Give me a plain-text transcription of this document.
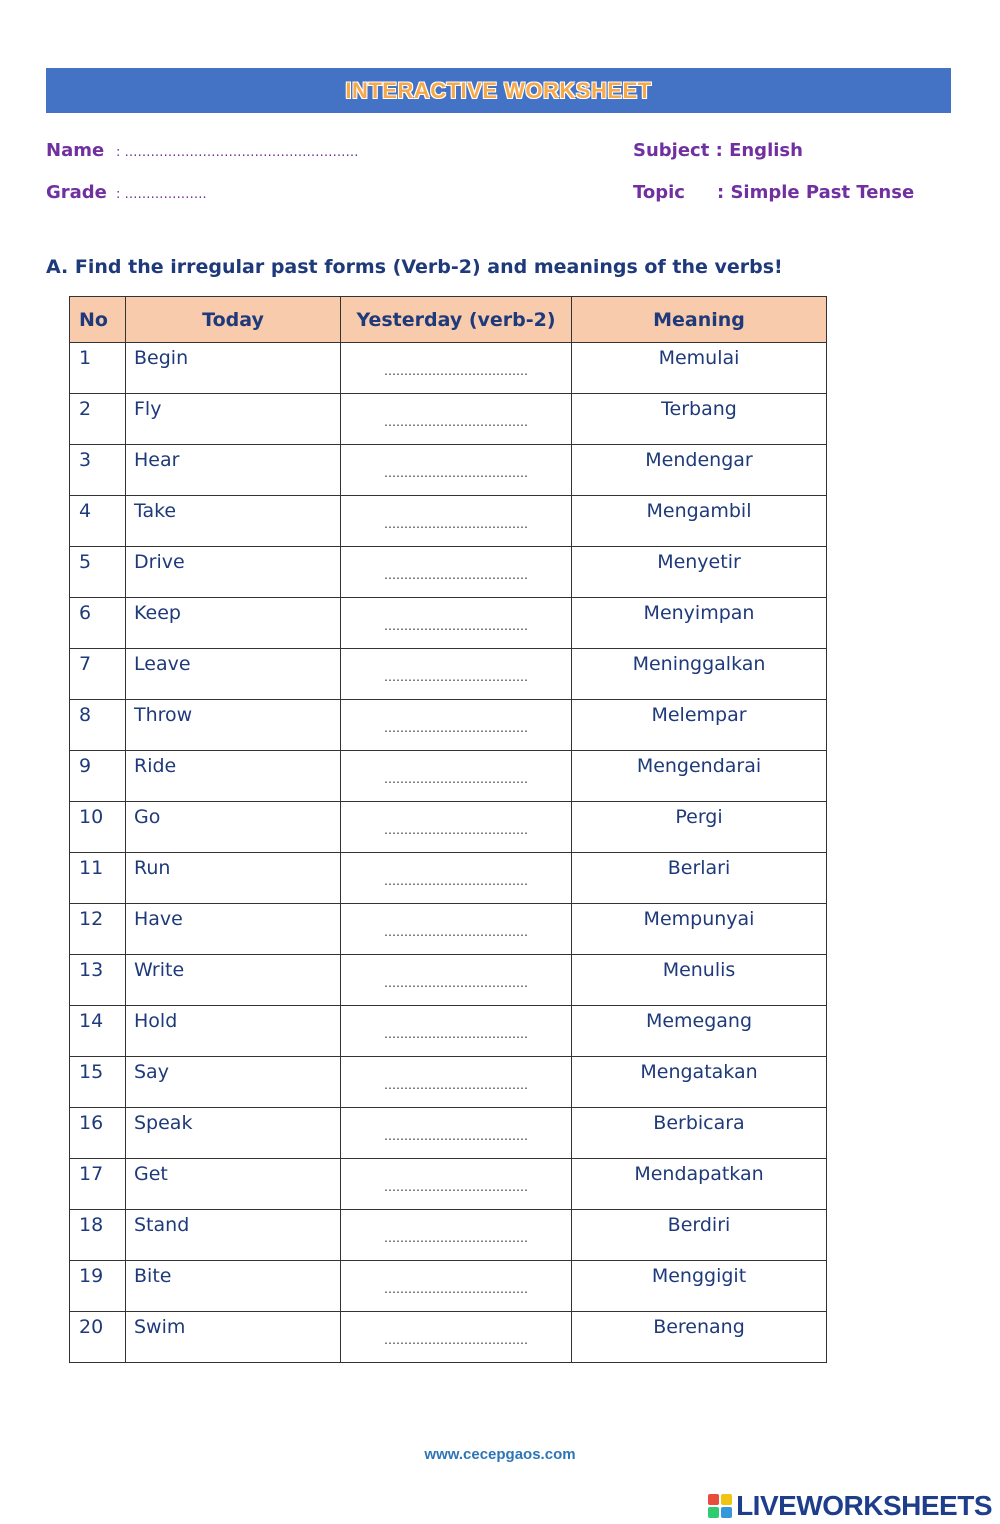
INTERACTIVE WORKSHEET
Name : ………………………………………………
Grade : ……………….
Subject : English
Topic : Simple Past Tense
A. Find the irregular past forms (Verb-2) and meanings of the verbs!
No	Today	Yesterday (verb-2)	Meaning
1	Begin	………………………………	Memulai
2	Fly	………………………………	Terbang
3	Hear	………………………………	Mendengar
4	Take	………………………………	Mengambil
5	Drive	………………………………	Menyetir
6	Keep	………………………………	Menyimpan
7	Leave	………………………………	Meninggalkan
8	Throw	………………………………	Melempar
9	Ride	………………………………	Mengendarai
10	Go	………………………………	Pergi
11	Run	………………………………	Berlari
12	Have	………………………………	Mempunyai
13	Write	………………………………	Menulis
14	Hold	………………………………	Memegang
15	Say	………………………………	Mengatakan
16	Speak	………………………………	Berbicara
17	Get	………………………………	Mendapatkan
18	Stand	………………………………	Berdiri
19	Bite	………………………………	Menggigit
20	Swim	………………………………	Berenang
www.cecepgaos.com
LIVEWORKSHEETS
